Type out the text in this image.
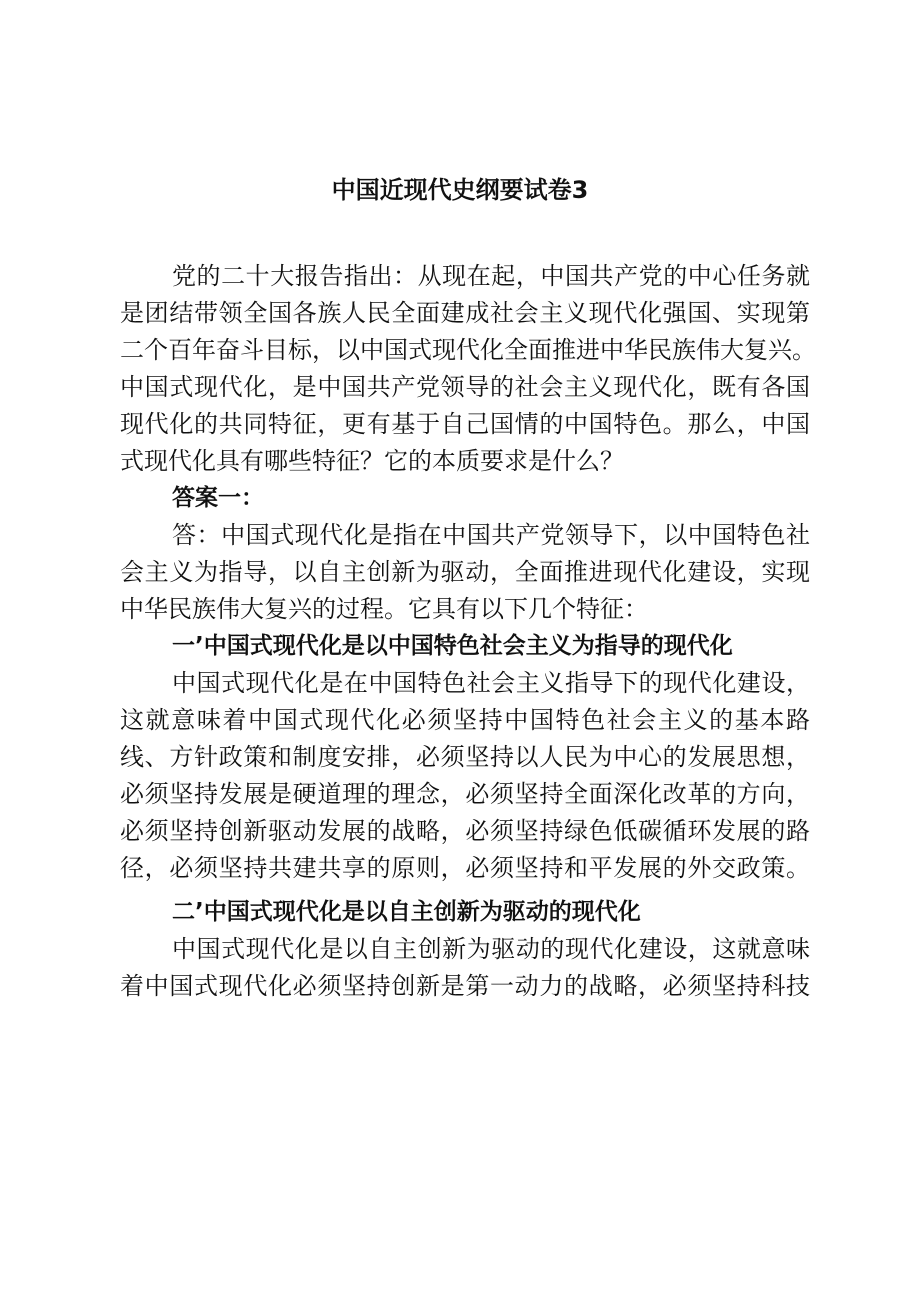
中国近现代史纲要试卷3
党的二十大报告指出：从现在起，中国共产党的中心任务就
是团结带领全国各族人民全面建成社会主义现代化强国、实现第
二个百年奋斗目标，以中国式现代化全面推进中华民族伟大复兴。
中国式现代化，是中国共产党领导的社会主义现代化，既有各国
现代化的共同特征，更有基于自己国情的中国特色。那么，中国
式现代化具有哪些特征？它的本质要求是什么？
答案一：
答：中国式现代化是指在中国共产党领导下，以中国特色社
会主义为指导，以自主创新为驱动，全面推进现代化建设，实现
中华民族伟大复兴的过程。它具有以下几个特征：
一’中国式现代化是以中国特色社会主义为指导的现代化
中国式现代化是在中国特色社会主义指导下的现代化建设，
这就意味着中国式现代化必须坚持中国特色社会主义的基本路
线、方针政策和制度安排，必须坚持以人民为中心的发展思想，
必须坚持发展是硬道理的理念，必须坚持全面深化改革的方向，
必须坚持创新驱动发展的战略，必须坚持绿色低碳循环发展的路
径，必须坚持共建共享的原则，必须坚持和平发展的外交政策。
二’中国式现代化是以自主创新为驱动的现代化
中国式现代化是以自主创新为驱动的现代化建设，这就意味
着中国式现代化必须坚持创新是第一动力的战略，必须坚持科技
